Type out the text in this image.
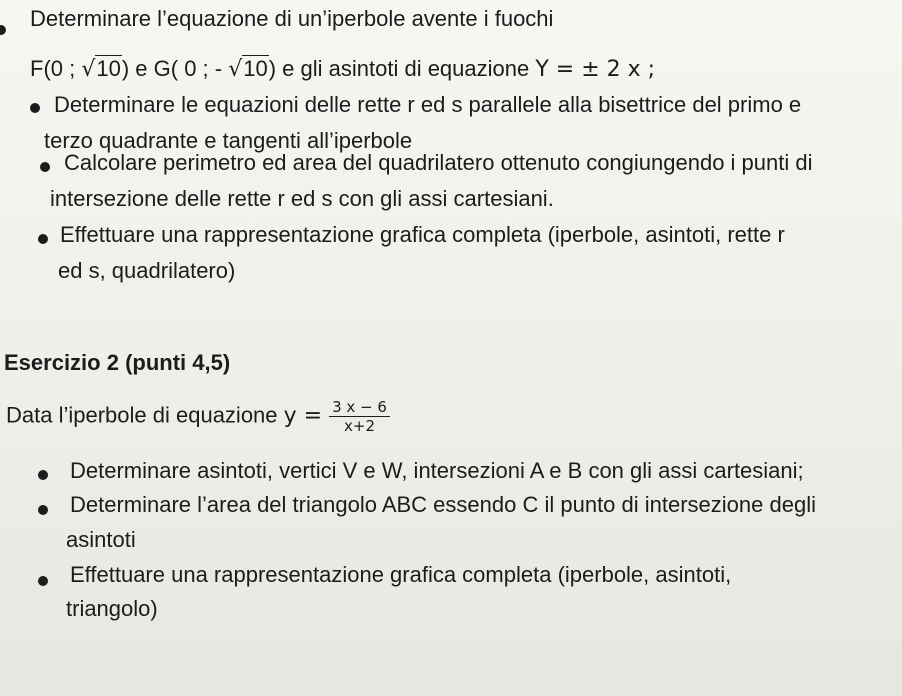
Determinare l’equazione di un’iperbole avente i fuochi
F(0 ; √10) e G( 0 ; - √10) e gli asintoti di equazione Y = ± 2 x ;
Determinare le equazioni delle rette r ed s parallele alla bisettrice del primo e
terzo quadrante e tangenti all’iperbole
Calcolare perimetro ed area del quadrilatero ottenuto congiungendo i punti di
intersezione delle rette r ed s con gli assi cartesiani.
Effettuare una rappresentazione grafica completa (iperbole, asintoti, rette r
ed s, quadrilatero)
Esercizio 2 (punti 4,5)
Data l’iperbole di equazione $y = \frac{3 x - 6}{x+2}$
Determinare asintoti, vertici V e W, intersezioni A e B con gli assi cartesiani;
Determinare l’area del triangolo ABC essendo C il punto di intersezione degli
asintoti
Effettuare una rappresentazione grafica completa (iperbole, asintoti,
triangolo)
